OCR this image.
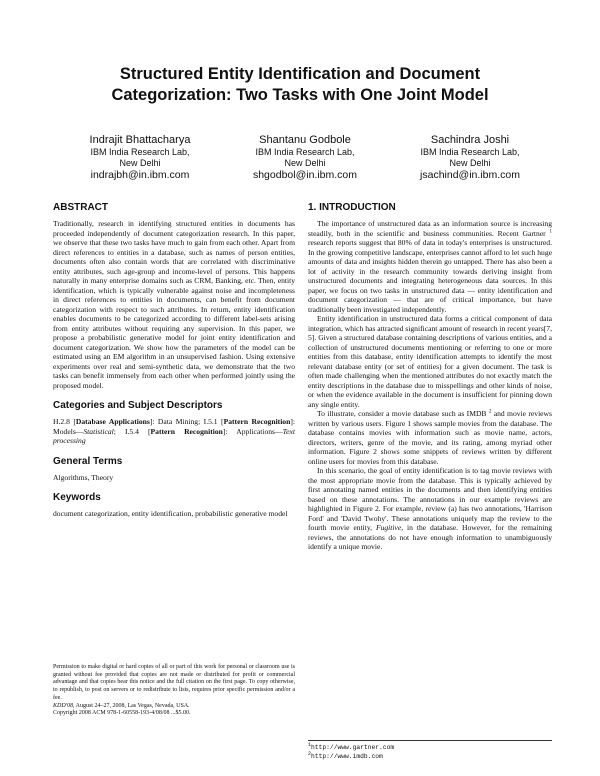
Structured Entity Identification and Document
Categorization: Two Tasks with One Joint Model
Indrajit Bhattacharya
IBM India Research Lab,
New Delhi
indrajbh@in.ibm.com
Shantanu Godbole
IBM India Research Lab,
New Delhi
shgodbol@in.ibm.com
Sachindra Joshi
IBM India Research Lab,
New Delhi
jsachind@in.ibm.com
ABSTRACT

Traditionally, research in identifying structured entities in documents has proceeded independently of document categorization research. In this paper, we observe that these two tasks have much to gain from each other. Apart from direct references to entities in a database, such as names of person entities, documents often also contain words that are correlated with discriminative entity attributes, such age-group and income-level of persons. This happens naturally in many enterprise domains such as CRM, Banking, etc. Then, entity identification, which is typically vulnerable against noise and incompleteness in direct references to entities in documents, can benefit from document categorization with respect to such attributes. In return, entity identification enables documents to be categorized according to different label-sets arising from entity attributes without requiring any supervision. In this paper, we propose a probabilistic generative model for joint entity identification and document categorization. We show how the parameters of the model can be estimated using an EM algorithm in an unsupervised fashion. Using extensive experiments over real and semi-synthetic data, we demonstrate that the two tasks can benefit immensely from each other when performed jointly using the proposed model.

Categories and Subject Descriptors

H.2.8 [Database Applications]: Data Mining; I.5.1 [Pattern Recognition]: Models—Statistical; I.5.4 [Pattern Recognition]: Applications—Text processing

General Terms

Algorithms, Theory

Keywords

document categorization, entity identification, probabilistic generative model

Permission to make digital or hard copies of all or part of this work for personal or classroom use is granted without fee provided that copies are not made or distributed for profit or commercial advantage and that copies bear this notice and the full citation on the first page. To copy otherwise, to republish, to post on servers or to redistribute to lists, requires prior specific permission and/or a fee.
KDD'08, August 24–27, 2008, Las Vegas, Nevada, USA.
Copyright 2008 ACM 978-1-60558-193-4/08/08 ...$5.00.
1. INTRODUCTION

The importance of unstructured data as an information source is increasing steadily, both in the scientific and business communities. Recent Gartner $^1$ research reports suggest that 80% of data in today's enterprises is unstructured. In the growing competitive landscape, enterprises cannot afford to let such huge amounts of data and insights hidden therein go untapped. There has also been a lot of activity in the research community towards deriving insight from unstructured documents and integrating heterogeneous data sources. In this paper, we focus on two tasks in unstructured data — entity identification and document categorization — that are of critical importance, but have traditionally been investigated independently.

Entity identification in unstructured data forms a critical component of data integration, which has attracted significant amount of research in recent years[7, 5]. Given a structured database containing descriptions of various entities, and a collection of unstructured documents mentioning or referring to one or more entities from this database, entity identification attempts to identify the most relevant database entity (or set of entities) for a given document. The task is often made challenging when the mentioned attributes do not exactly match the entity descriptions in the database due to misspellings and other kinds of noise, or when the evidence available in the document is insufficient for pinning down any single entity.

To illustrate, consider a movie database such as IMDB $^2$ and movie reviews written by various users. Figure 1 shows sample movies from the database. The database contains movies with information such as movie name, actors, directors, writers, genre of the movie, and its rating, among myriad other information. Figure 2 shows some snippets of reviews written by different online users for movies from this database.

In this scenario, the goal of entity identification is to tag movie reviews with the most appropriate movie from the database. This is typically achieved by first annotating named entities in the documents and then identifying entities based on these annotations. The annotations in our example reviews are highlighted in Figure 2. For example, review (a) has two annotations, 'Harrison Ford' and 'David Twohy'. These annotations uniquely map the review to the fourth movie entity, Fugitive, in the database. However, for the remaining reviews, the annotations do not have enough information to unambiguously identify a unique movie.

$^1$http://www.gartner.com
$^2$http://www.imdb.com
